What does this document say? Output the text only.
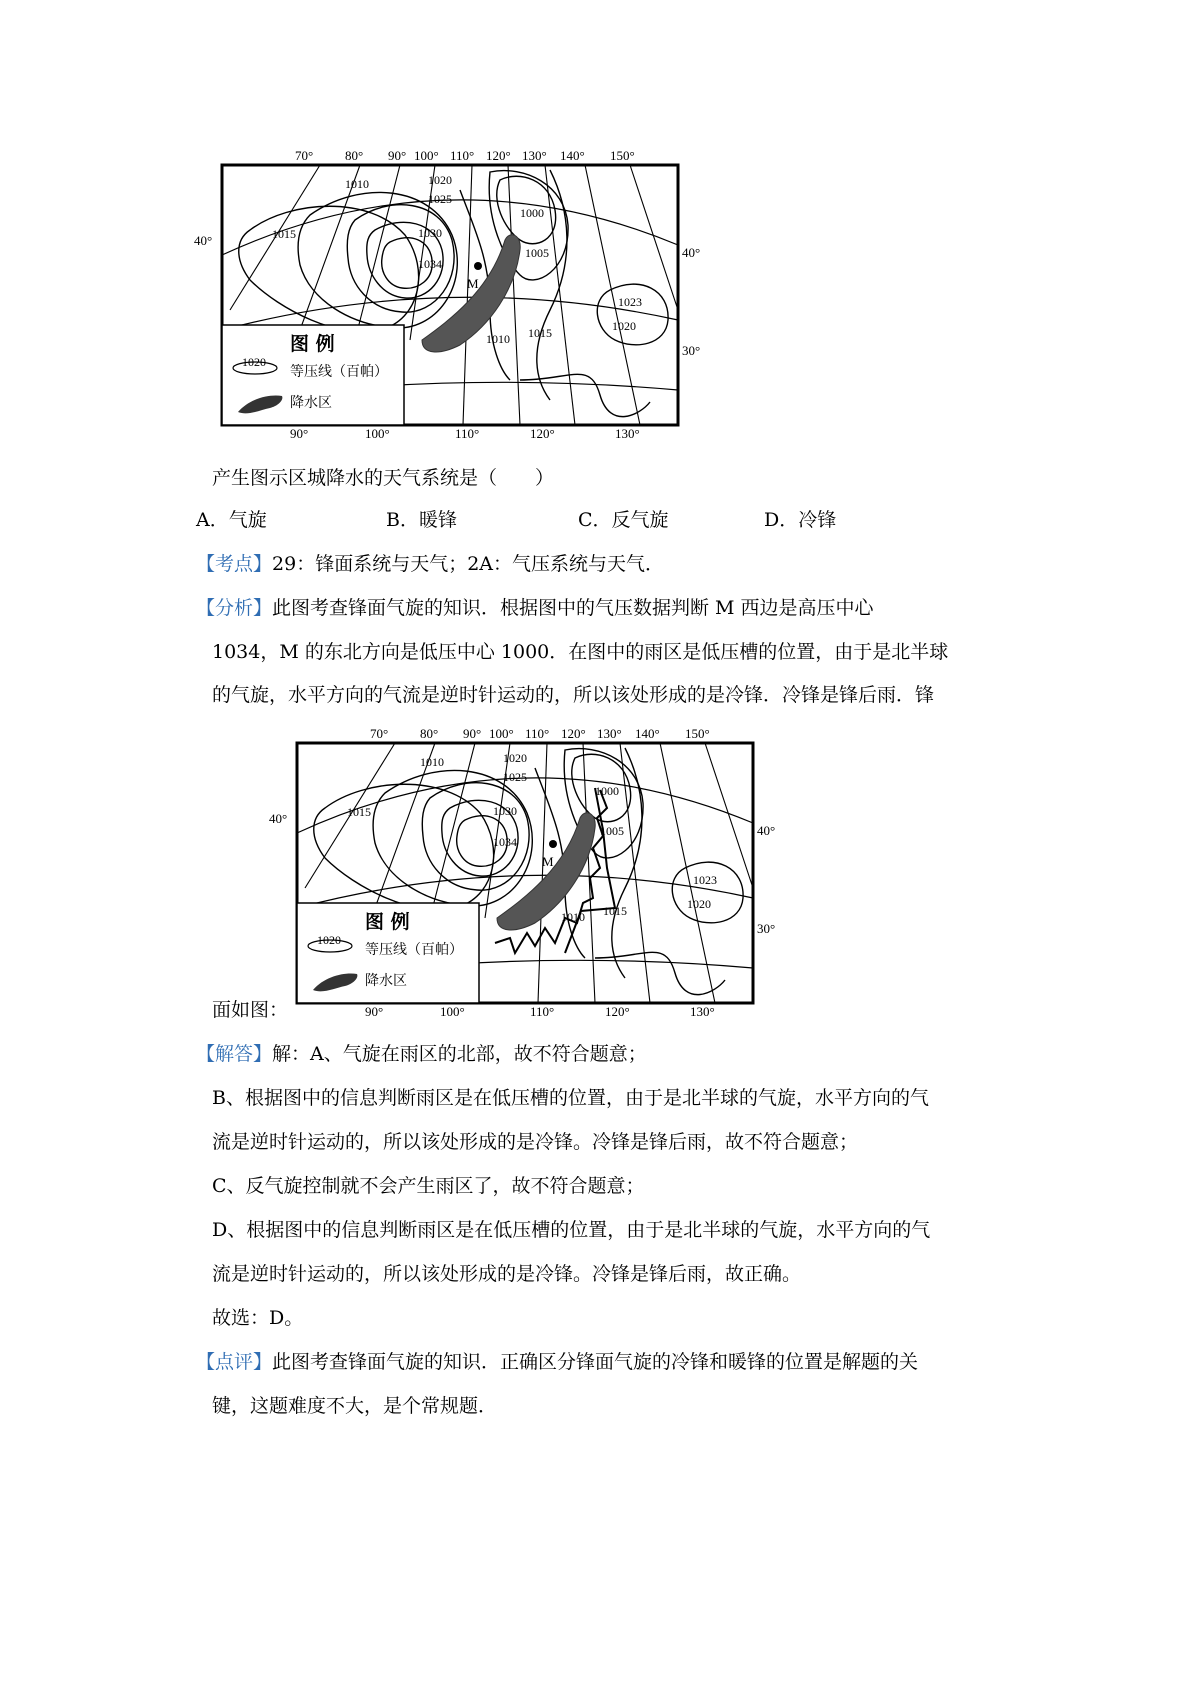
M
70° 80° 90° 100° 110° 120° 130° 140° 150°
90°	100°	110°	120°	130°
40°
40°
30°
1010	1020
1025
1030
1034
1015
1000
1005
1023
1020
1010 1015
图 例
1020
等压线（百帕）
降水区
产生图示区城降水的天气系统是（　　）
A．气旋	B．暖锋	C．反气旋	D．冷锋
【考点】29：锋面系统与天气；2A：气压系统与天气．
【分析】此图考查锋面气旋的知识．根据图中的气压数据判断 M 西边是高压中心
1034，M 的东北方向是低压中心 1000．在图中的雨区是低压槽的位置，由于是北半球
的气旋，水平方向的气流是逆时针运动的，所以该处形成的是冷锋．冷锋是锋后雨．锋
M
70° 80° 90° 100° 110° 120° 130° 140° 150°
90°	100°	110°	120°	130°
40°
40°
30°
1010	1020
1025
1030
1034
1015
1000
1005
1023
1020
1010 1015
图 例
1020
等压线（百帕）
降水区
面如图：
【解答】解：A、气旋在雨区的北部，故不符合题意；
B、根据图中的信息判断雨区是在低压槽的位置，由于是北半球的气旋，水平方向的气
流是逆时针运动的，所以该处形成的是冷锋。冷锋是锋后雨，故不符合题意；
C、反气旋控制就不会产生雨区了，故不符合题意；
D、根据图中的信息判断雨区是在低压槽的位置，由于是北半球的气旋，水平方向的气
流是逆时针运动的，所以该处形成的是冷锋。冷锋是锋后雨，故正确。
故选：D。
【点评】此图考查锋面气旋的知识．正确区分锋面气旋的冷锋和暖锋的位置是解题的关
键，这题难度不大，是个常规题．
